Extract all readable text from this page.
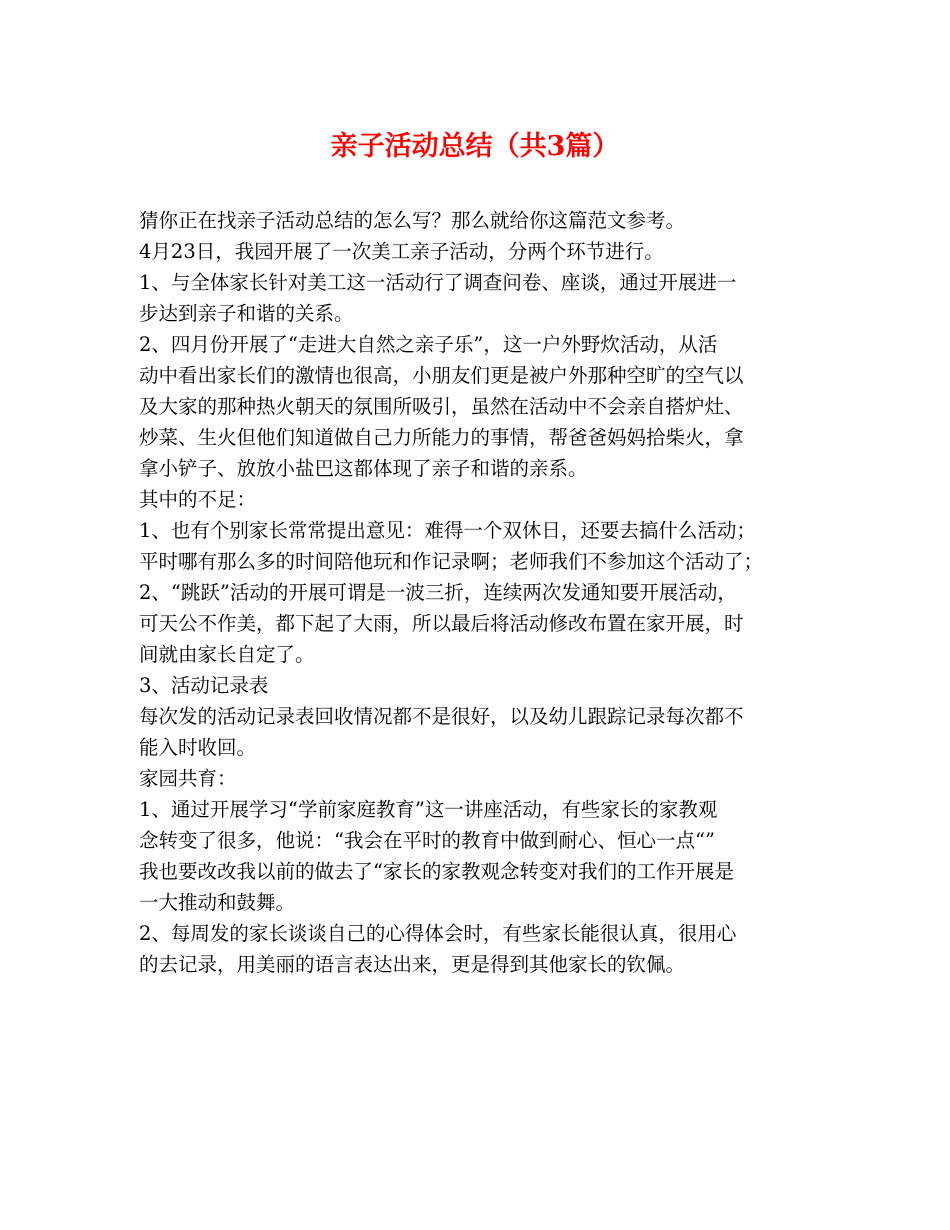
亲子活动总结（共3篇）
猜你正在找亲子活动总结的怎么写？那么就给你这篇范文参考。
4月23日，我园开展了一次美工亲子活动，分两个环节进行。
1、与全体家长针对美工这一活动行了调查问卷、座谈，通过开展进一
步达到亲子和谐的关系。
2、四月份开展了“走进大自然之亲子乐”，这一户外野炊活动，从活
动中看出家长们的激情也很高，小朋友们更是被户外那种空旷的空气以
及大家的那种热火朝天的氛围所吸引，虽然在活动中不会亲自搭炉灶、
炒菜、生火但他们知道做自己力所能力的事情，帮爸爸妈妈拾柴火，拿
拿小铲子、放放小盐巴这都体现了亲子和谐的亲系。
其中的不足：
1、也有个别家长常常提出意见：难得一个双休日，还要去搞什么活动；
平时哪有那么多的时间陪他玩和作记录啊；老师我们不参加这个活动了；
2、“跳跃”活动的开展可谓是一波三折，连续两次发通知要开展活动，
可天公不作美，都下起了大雨，所以最后将活动修改布置在家开展，时
间就由家长自定了。
3、活动记录表
每次发的活动记录表回收情况都不是很好，以及幼儿跟踪记录每次都不
能入时收回。
家园共育：
1、通过开展学习“学前家庭教育”这一讲座活动，有些家长的家教观
念转变了很多，他说：“我会在平时的教育中做到耐心、恒心一点“”
我也要改改我以前的做去了“家长的家教观念转变对我们的工作开展是
一大推动和鼓舞。
2、每周发的家长谈谈自己的心得体会时，有些家长能很认真，很用心
的去记录，用美丽的语言表达出来，更是得到其他家长的钦佩。
